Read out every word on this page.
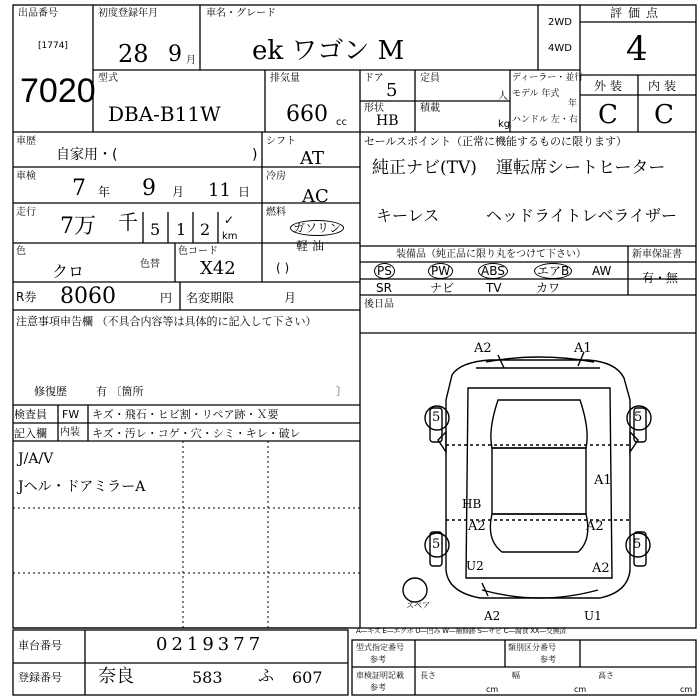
出品番号
[1774]
7020
初度登録年月
28 9 月
車名・グレード
ek ワゴン M
2WD
4WD
評価点
4
型式
DBA-B11W
排気量
660 cc
ドア
5
形状
HB
定員
人
積載
kg
ディーラー・並行
モデル 年式
年
ハンドル 左・右
外装 内装
C C
車歴
自家用・(	)
シフト
AT
車検 7 年 9 月 11 日
冷房
AC
走行
7万 千 5 1 2 ✓
km
燃料
ガソリン
軽油
( )
色
クロ	色替
色コード
X42
R券 8060	円 名変期限	月
注意事項申告欄 （不具合内容等は具体的に記入して下さい）
修復歴	有 〔箇所	〕
検査員
記入欄
FW キズ・飛石・ヒビ割・リペア跡・Ｘ要
内装 キズ・汚レ・コゲ・穴・シミ・キレ・破レ
J/A/V
Jヘル・ドアミラーA
セールスポイント（正常に機能するものに限ります）
純正ナビ(TV) 運転席シートヒーター
キーレス	ヘッドライトレベライザー
装備品（純正品に限り丸をつけて下さい）	新車保証書
有・無
PS	PW	ABS	エアB AW
SR	ナビ	TV	カワ
後日品
A2	A1
5	5
5	5
A1
A2	A2
U2
HB
A2
A2	U1
スペア
A—キズ E—エクボ U—凹み W—補修跡 S—サビ C—腐食 XX—交換済
車台番号	0219377
登録番号 奈良	583 ふ 607
型式指定番号
参考
類別区分番号
参考
車検証明記載
参考
長さ
cm
幅
cm
高さ
cm
